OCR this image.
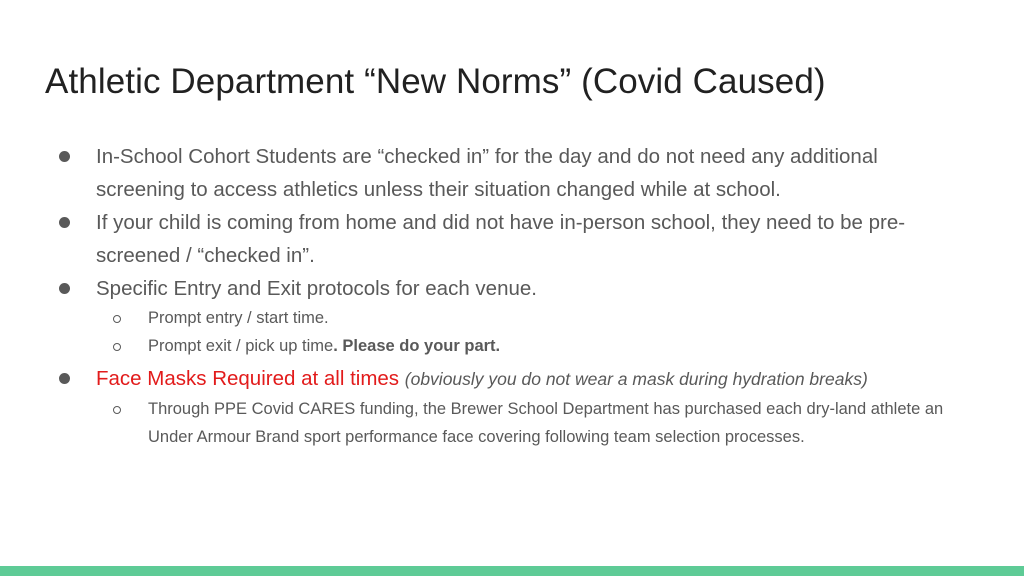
Athletic Department “New Norms” (Covid Caused)
In-School Cohort Students are “checked in” for the day and do not need any additional screening to access athletics unless their situation changed while at school.
If your child is coming from home and did not have in-person school, they need to be pre-screened / “checked in”.
Specific Entry and Exit protocols for each venue.
Prompt entry / start time.
Prompt exit / pick up time. Please do your part.
Face Masks Required at all times (obviously you do not wear a mask during hydration breaks)
Through PPE Covid CARES funding, the Brewer School Department has purchased each dry-land athlete an Under Armour Brand sport performance face covering following team selection processes.
